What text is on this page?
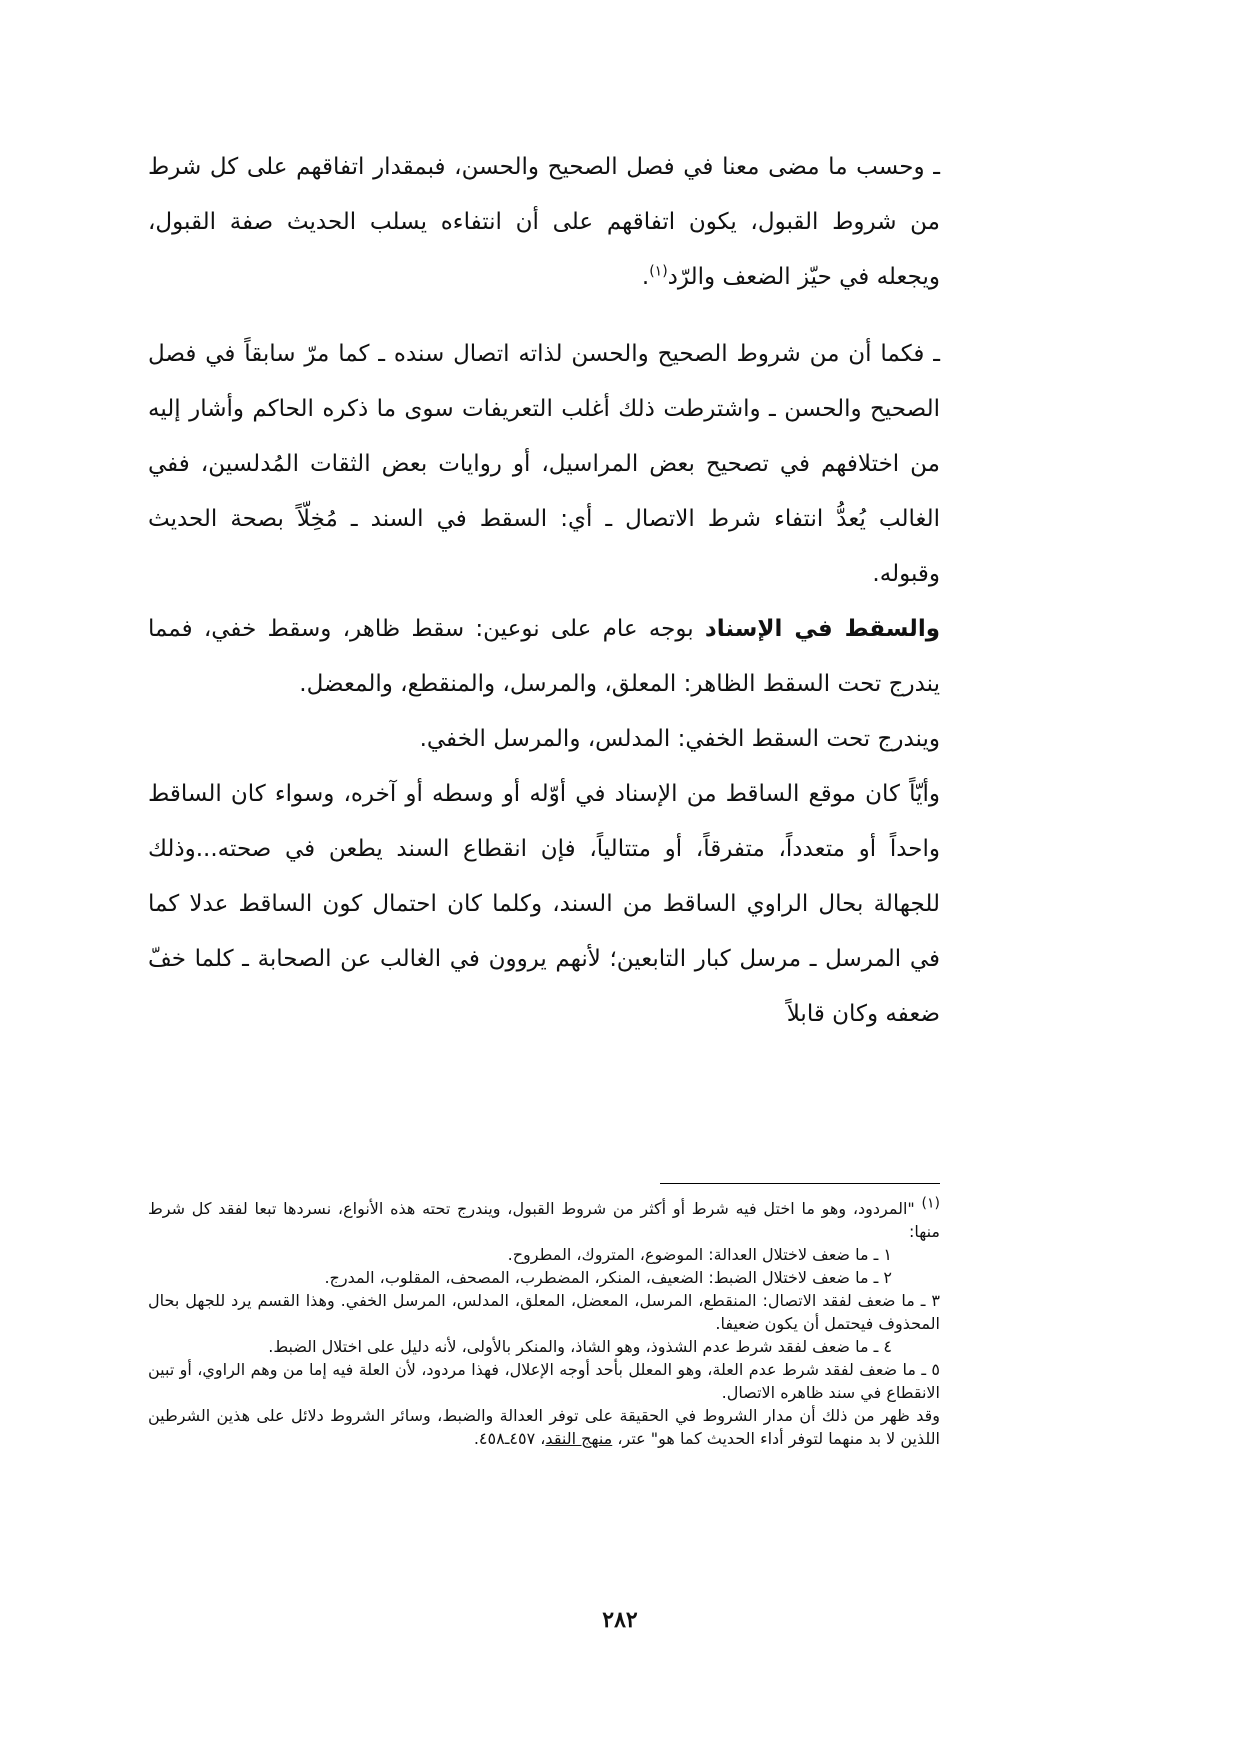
ـ وحسب ما مضى معنا في فصل الصحيح والحسن، فبمقدار اتفاقهم على كل شرط من شروط القبول، يكون اتفاقهم على أن انتفاءه يسلب الحديث صفة القبول، ويجعله في حيّز الضعف والرّد$^{(١)}$.

ـ فكما أن من شروط الصحيح والحسن لذاته اتصال سنده ـ كما مرّ سابقاً في فصل الصحيح والحسن ـ واشترطت ذلك أغلب التعريفات سوى ما ذكره الحاكم وأشار إليه من اختلافهم في تصحيح بعض المراسيل، أو روايات بعض الثقات المُدلسين، ففي الغالب يُعدُّ انتفاء شرط الاتصال ـ أي: السقط في السند ـ مُخِلّاً بصحة الحديث وقبوله.

والسقط في الإسناد بوجه عام على نوعين: سقط ظاهر، وسقط خفي، فمما يندرج تحت السقط الظاهر: المعلق، والمرسل، والمنقطع، والمعضل.

ويندرج تحت السقط الخفي: المدلس، والمرسل الخفي.

وأيّاً كان موقع الساقط من الإسناد في أوّله أو وسطه أو آخره، وسواء كان الساقط واحداً أو متعدداً، متفرقاً، أو متتالياً، فإن انقطاع السند يطعن في صحته...وذلك للجهالة بحال الراوي الساقط من السند، وكلما كان احتمال كون الساقط عدلا كما في المرسل ـ مرسل كبار التابعين؛ لأنهم يروون في الغالب عن الصحابة ـ كلما خفّ ضعفه وكان قابلاً

(١) "المردود، وهو ما اختل فيه شرط أو أكثر من شروط القبول، ويندرج تحته هذه الأنواع، نسردها تبعا لفقد كل شرط منها:

١ ـ ما ضعف لاختلال العدالة: الموضوع، المتروك، المطروح.

٢ ـ ما ضعف لاختلال الضبط: الضعيف، المنكر، المضطرب، المصحف، المقلوب، المدرج.

٣ ـ ما ضعف لفقد الاتصال: المنقطع، المرسل، المعضل، المعلق، المدلس، المرسل الخفي. وهذا القسم يرد للجهل بحال المحذوف فيحتمل أن يكون ضعيفا.

٤ ـ ما ضعف لفقد شرط عدم الشذوذ، وهو الشاذ، والمنكر بالأولى، لأنه دليل على اختلال الضبط.

٥ ـ ما ضعف لفقد شرط عدم العلة، وهو المعلل بأحد أوجه الإعلال، فهذا مردود، لأن العلة فيه إما من وهم الراوي، أو تبين الانقطاع في سند ظاهره الاتصال.

وقد ظهر من ذلك أن مدار الشروط في الحقيقة على توفر العدالة والضبط، وسائر الشروط دلائل على هذين الشرطين اللذين لا بد منهما لتوفر أداء الحديث كما هو" عتر، منهج النقد، ٤٥٧ـ٤٥٨.

٢٨٢
